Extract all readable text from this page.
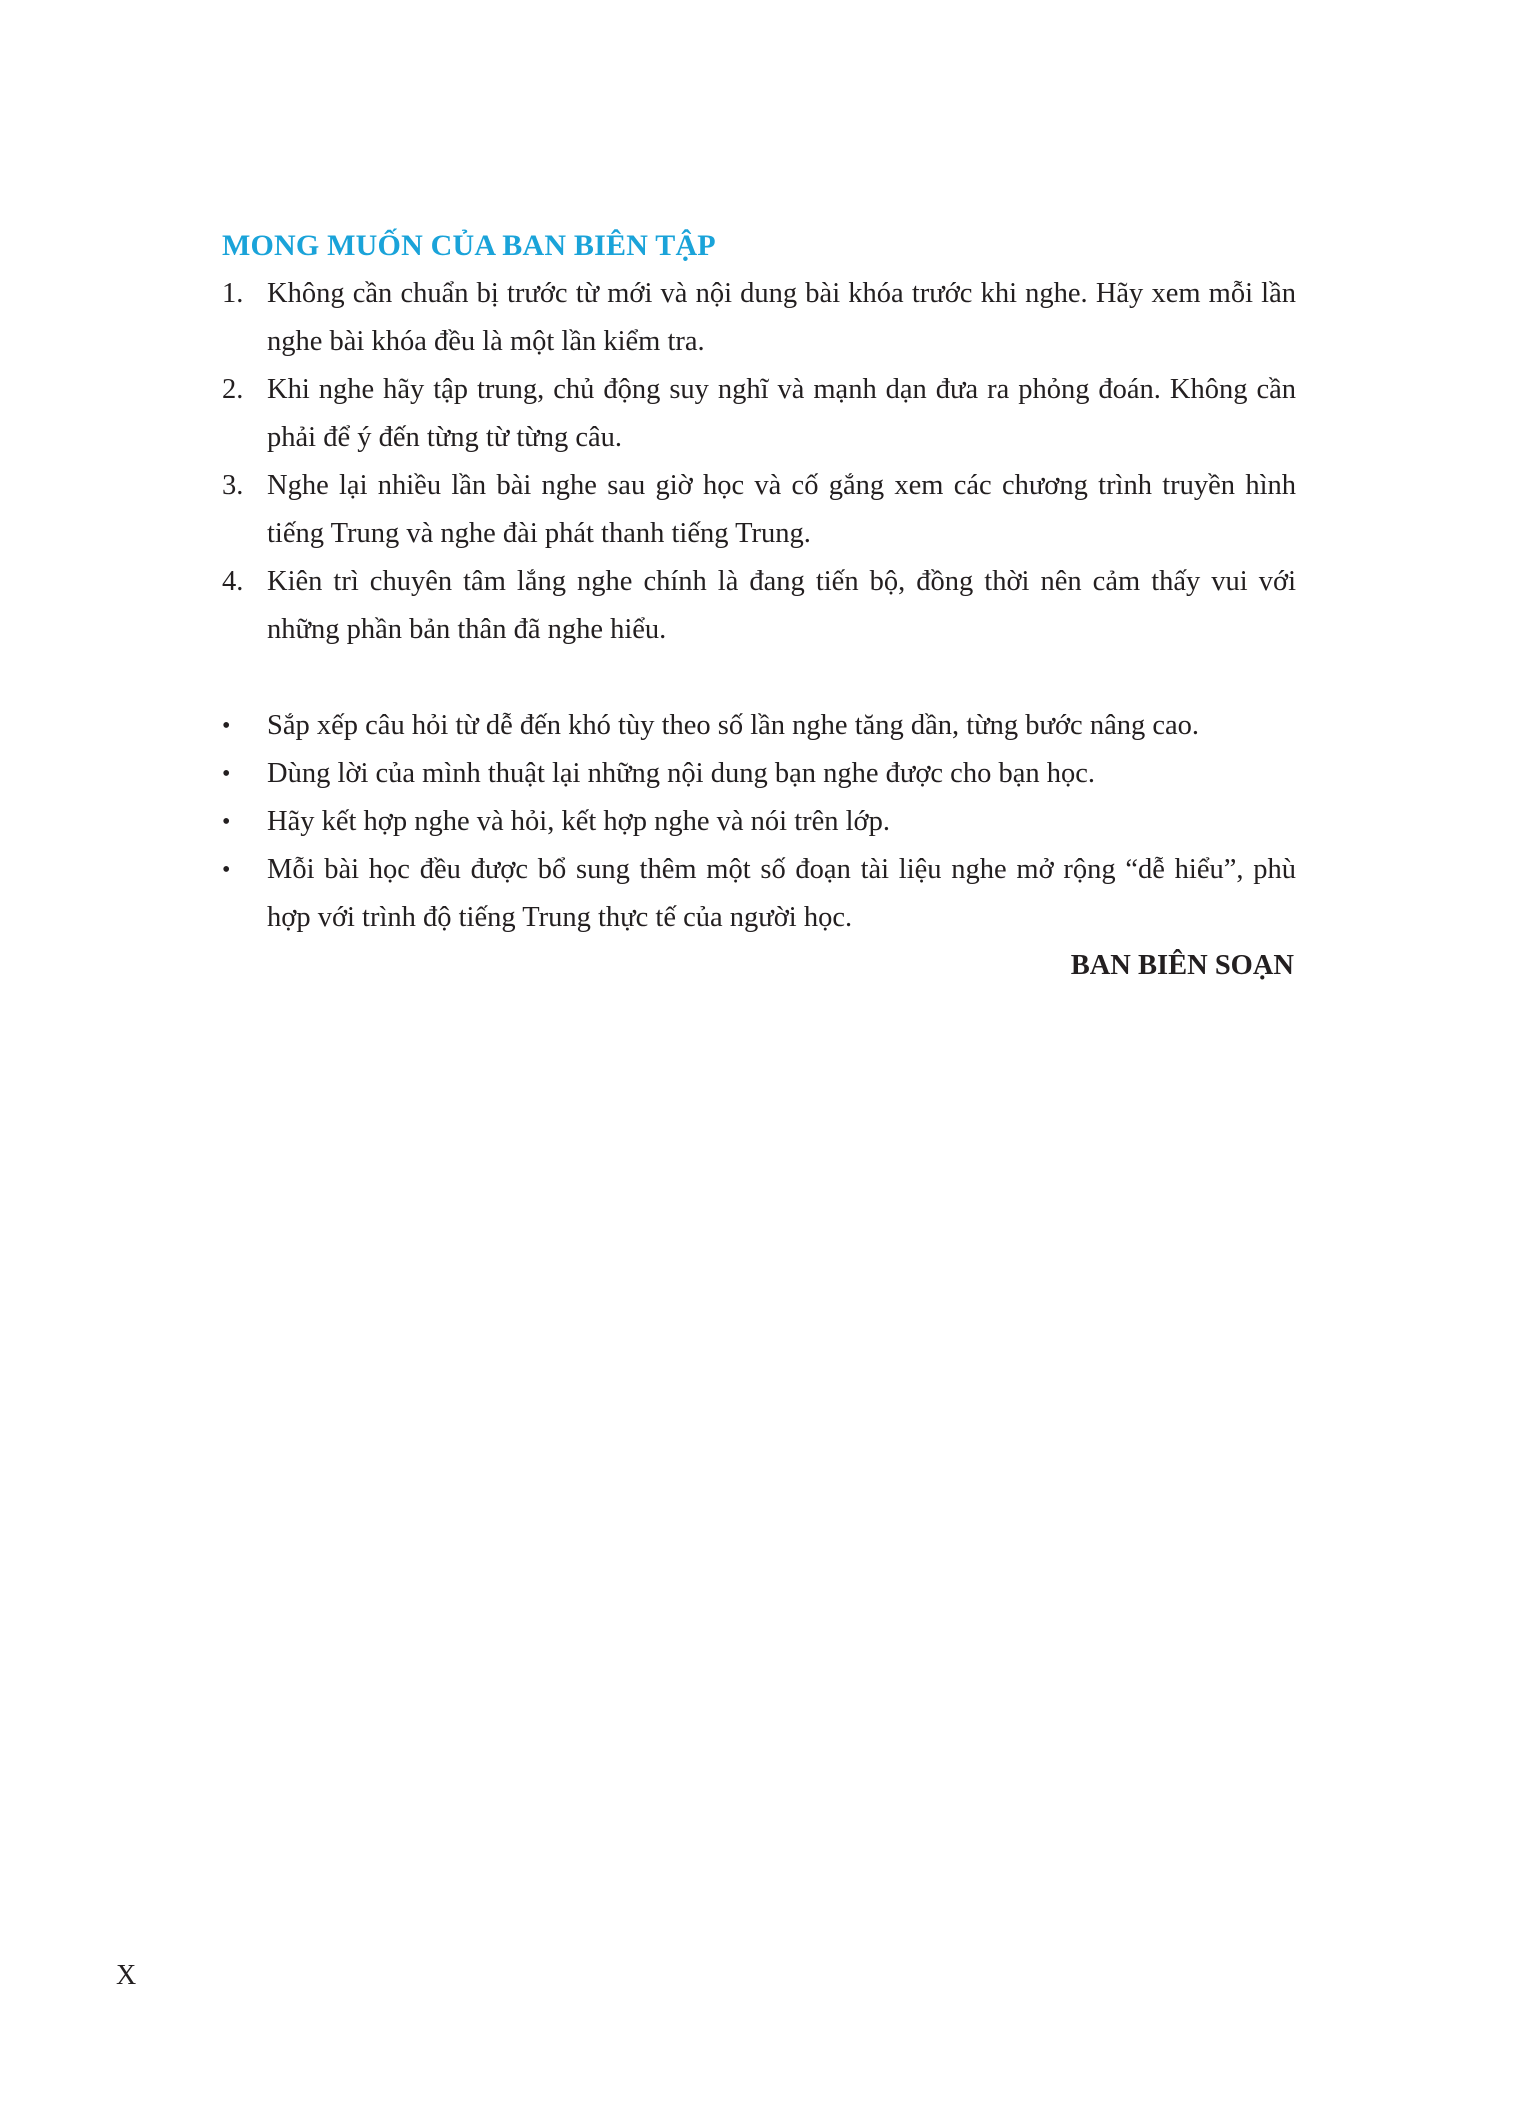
MONG MUỐN CỦA BAN BIÊN TẬP
1. Không cần chuẩn bị trước từ mới và nội dung bài khóa trước khi nghe. Hãy xem mỗi lần nghe bài khóa đều là một lần kiểm tra.
2. Khi nghe hãy tập trung, chủ động suy nghĩ và mạnh dạn đưa ra phỏng đoán. Không cần phải để ý đến từng từ từng câu.
3. Nghe lại nhiều lần bài nghe sau giờ học và cố gắng xem các chương trình truyền hình tiếng Trung và nghe đài phát thanh tiếng Trung.
4. Kiên trì chuyên tâm lắng nghe chính là đang tiến bộ, đồng thời nên cảm thấy vui với những phần bản thân đã nghe hiểu.
•	Sắp xếp câu hỏi từ dễ đến khó tùy theo số lần nghe tăng dần, từng bước nâng cao.
•	Dùng lời của mình thuật lại những nội dung bạn nghe được cho bạn học.
•	Hãy kết hợp nghe và hỏi, kết hợp nghe và nói trên lớp.
•	Mỗi bài học đều được bổ sung thêm một số đoạn tài liệu nghe mở rộng “dễ hiểu”, phù hợp với trình độ tiếng Trung thực tế của người học.

BAN BIÊN SOẠN

X
